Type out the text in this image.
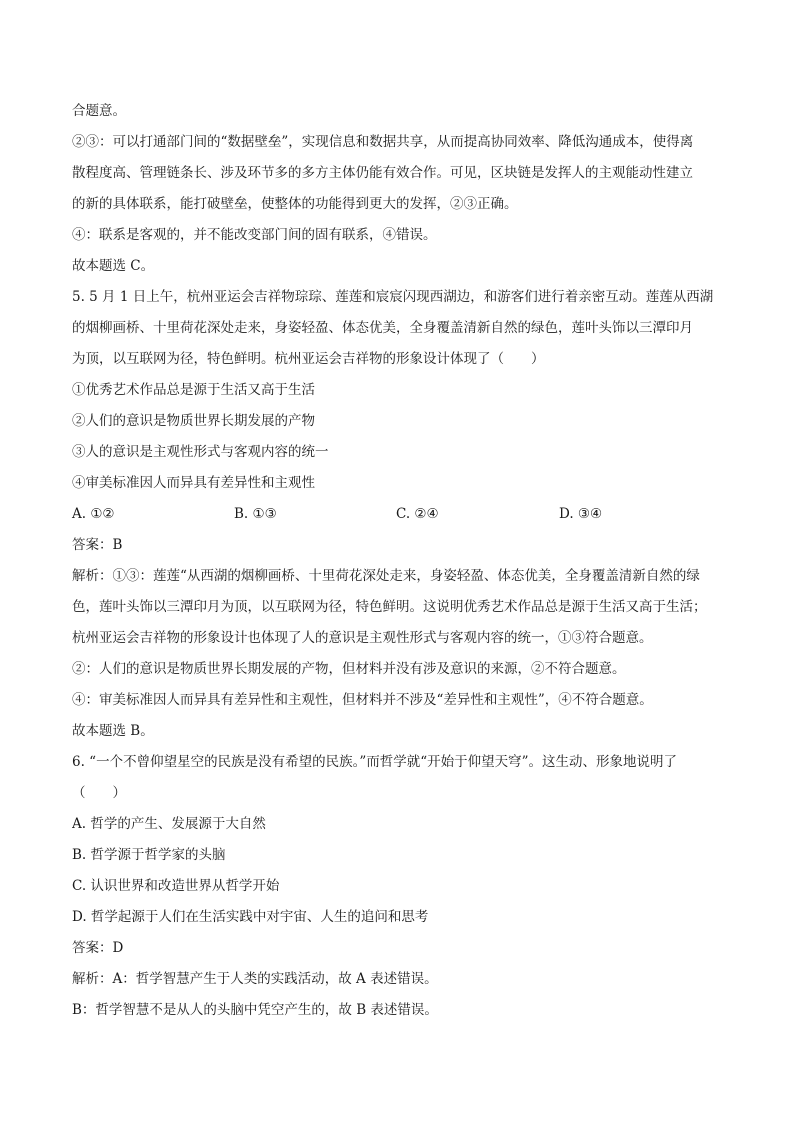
合题意。
②③：可以打通部门间的“数据壁垒”，实现信息和数据共享，从而提高协同效率、降低沟通成本，使得离
散程度高、管理链条长、涉及环节多的多方主体仍能有效合作。可见，区块链是发挥人的主观能动性建立
的新的具体联系，能打破壁垒，使整体的功能得到更大的发挥，②③正确。
④：联系是客观的，并不能改变部门间的固有联系，④错误。
故本题选 C。
5. 5 月 1 日上午，杭州亚运会吉祥物琮琮、莲莲和宸宸闪现西湖边，和游客们进行着亲密互动。莲莲从西湖
的烟柳画桥、十里荷花深处走来，身姿轻盈、体态优美，全身覆盖清新自然的绿色，莲叶头饰以三潭印月
为顶，以互联网为径，特色鲜明。杭州亚运会吉祥物的形象设计体现了（　　）
①优秀艺术作品总是源于生活又高于生活
②人们的意识是物质世界长期发展的产物
③人的意识是主观性形式与客观内容的统一
④审美标准因人而异具有差异性和主观性
A. ①②	B. ①③	C. ②④	D. ③④
答案：B
解析：①③：莲莲“从西湖的烟柳画桥、十里荷花深处走来，身姿轻盈、体态优美，全身覆盖清新自然的绿
色，莲叶头饰以三潭印月为顶，以互联网为径，特色鲜明。这说明优秀艺术作品总是源于生活又高于生活；
杭州亚运会吉祥物的形象设计也体现了人的意识是主观性形式与客观内容的统一，①③符合题意。
②：人们的意识是物质世界长期发展的产物，但材料并没有涉及意识的来源，②不符合题意。
④：审美标准因人而异具有差异性和主观性，但材料并不涉及“差异性和主观性”，④不符合题意。
故本题选 B。
6. “一个不曾仰望星空的民族是没有希望的民族。”而哲学就“开始于仰望天穹”。这生动、形象地说明了
（　　）
A. 哲学的产生、发展源于大自然
B. 哲学源于哲学家的头脑
C. 认识世界和改造世界从哲学开始
D. 哲学起源于人们在生活实践中对宇宙、人生的追问和思考
答案：D
解析：A：哲学智慧产生于人类的实践活动，故 A 表述错误。
B：哲学智慧不是从人的头脑中凭空产生的，故 B 表述错误。
